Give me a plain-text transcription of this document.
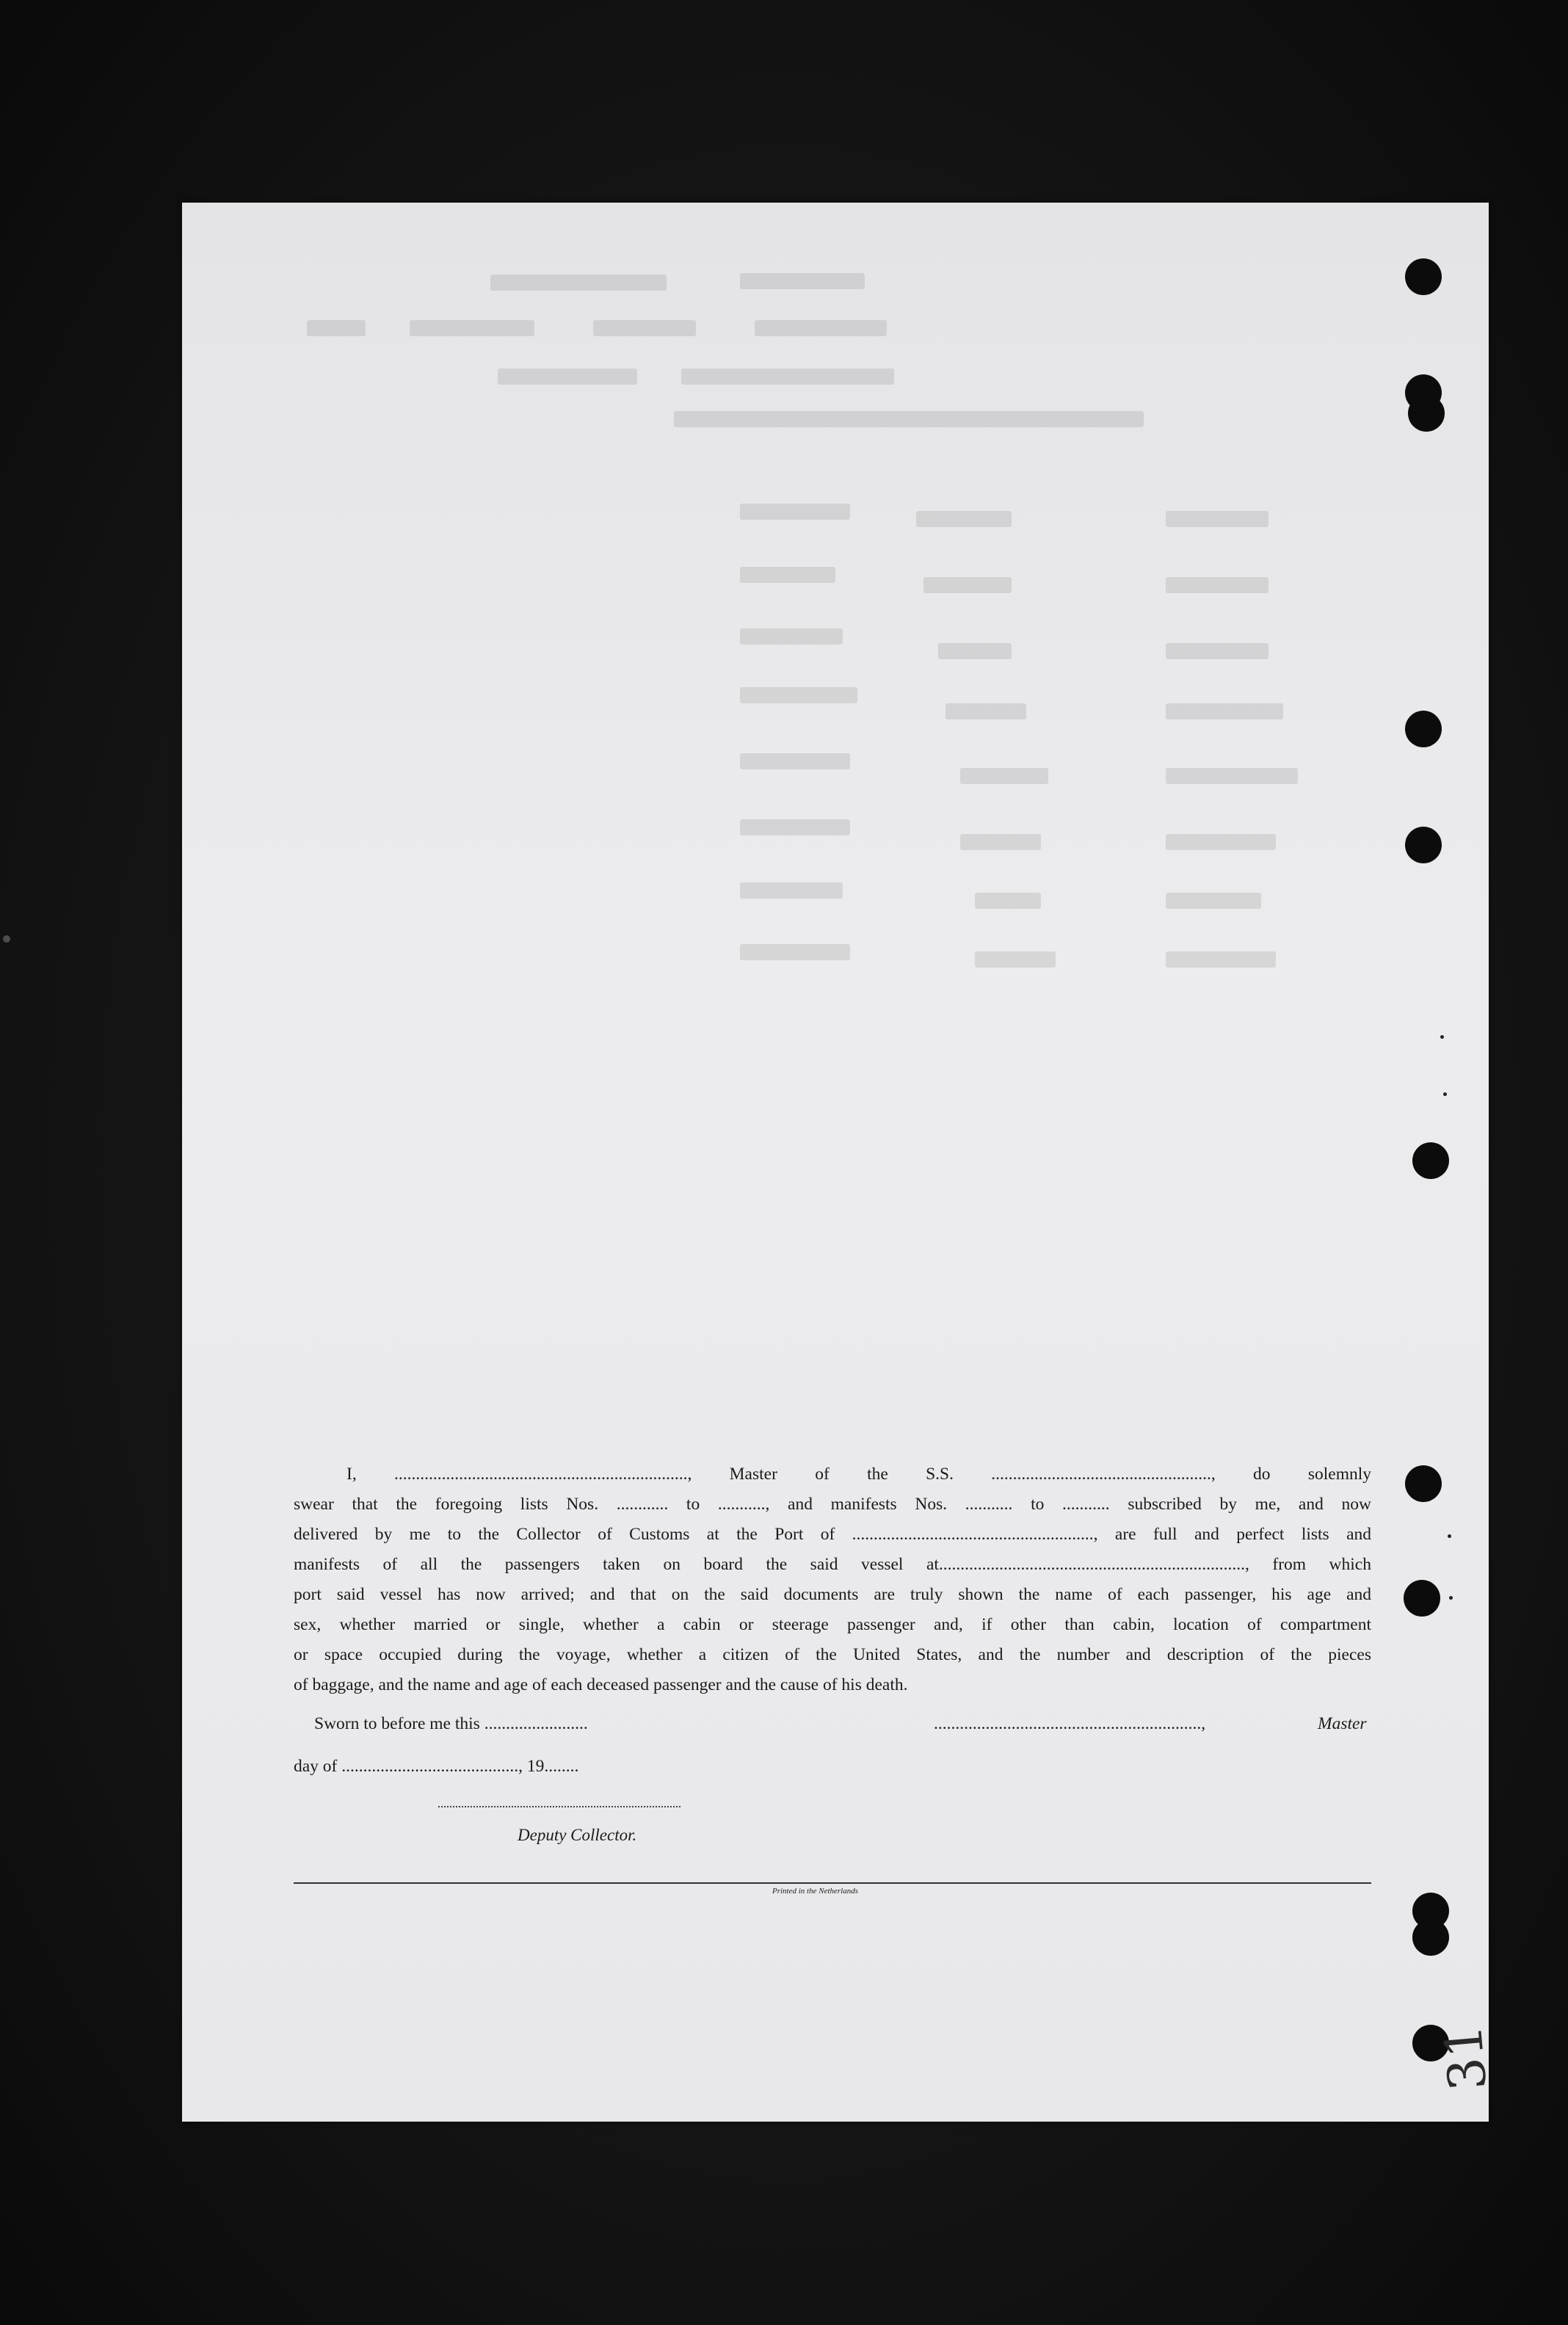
I, ...................................................................., Master of the S.S. ..................................................., do solemnly
swear that the foregoing lists Nos. ............ to ..........., and manifests Nos. ........... to ........... subscribed by me, and now
delivered by me to the Collector of Customs at the Port of ........................................................, are full and perfect lists and
manifests of all the passengers taken on board the said vessel at......................................................................., from which
port said vessel has now arrived; and that on the said documents are truly shown the name of each passenger, his age and
sex, whether married or single, whether a cabin or steerage passenger and, if other than cabin, location of compartment
or space occupied during the voyage, whether a citizen of the United States, and the number and description of the pieces
of baggage, and the name and age of each deceased passenger and the cause of his death.
Sworn to before me this ........................	..............................................................,	Master
day of ........................................., 19........
Deputy Collector.
Printed in the Netherlands
31
